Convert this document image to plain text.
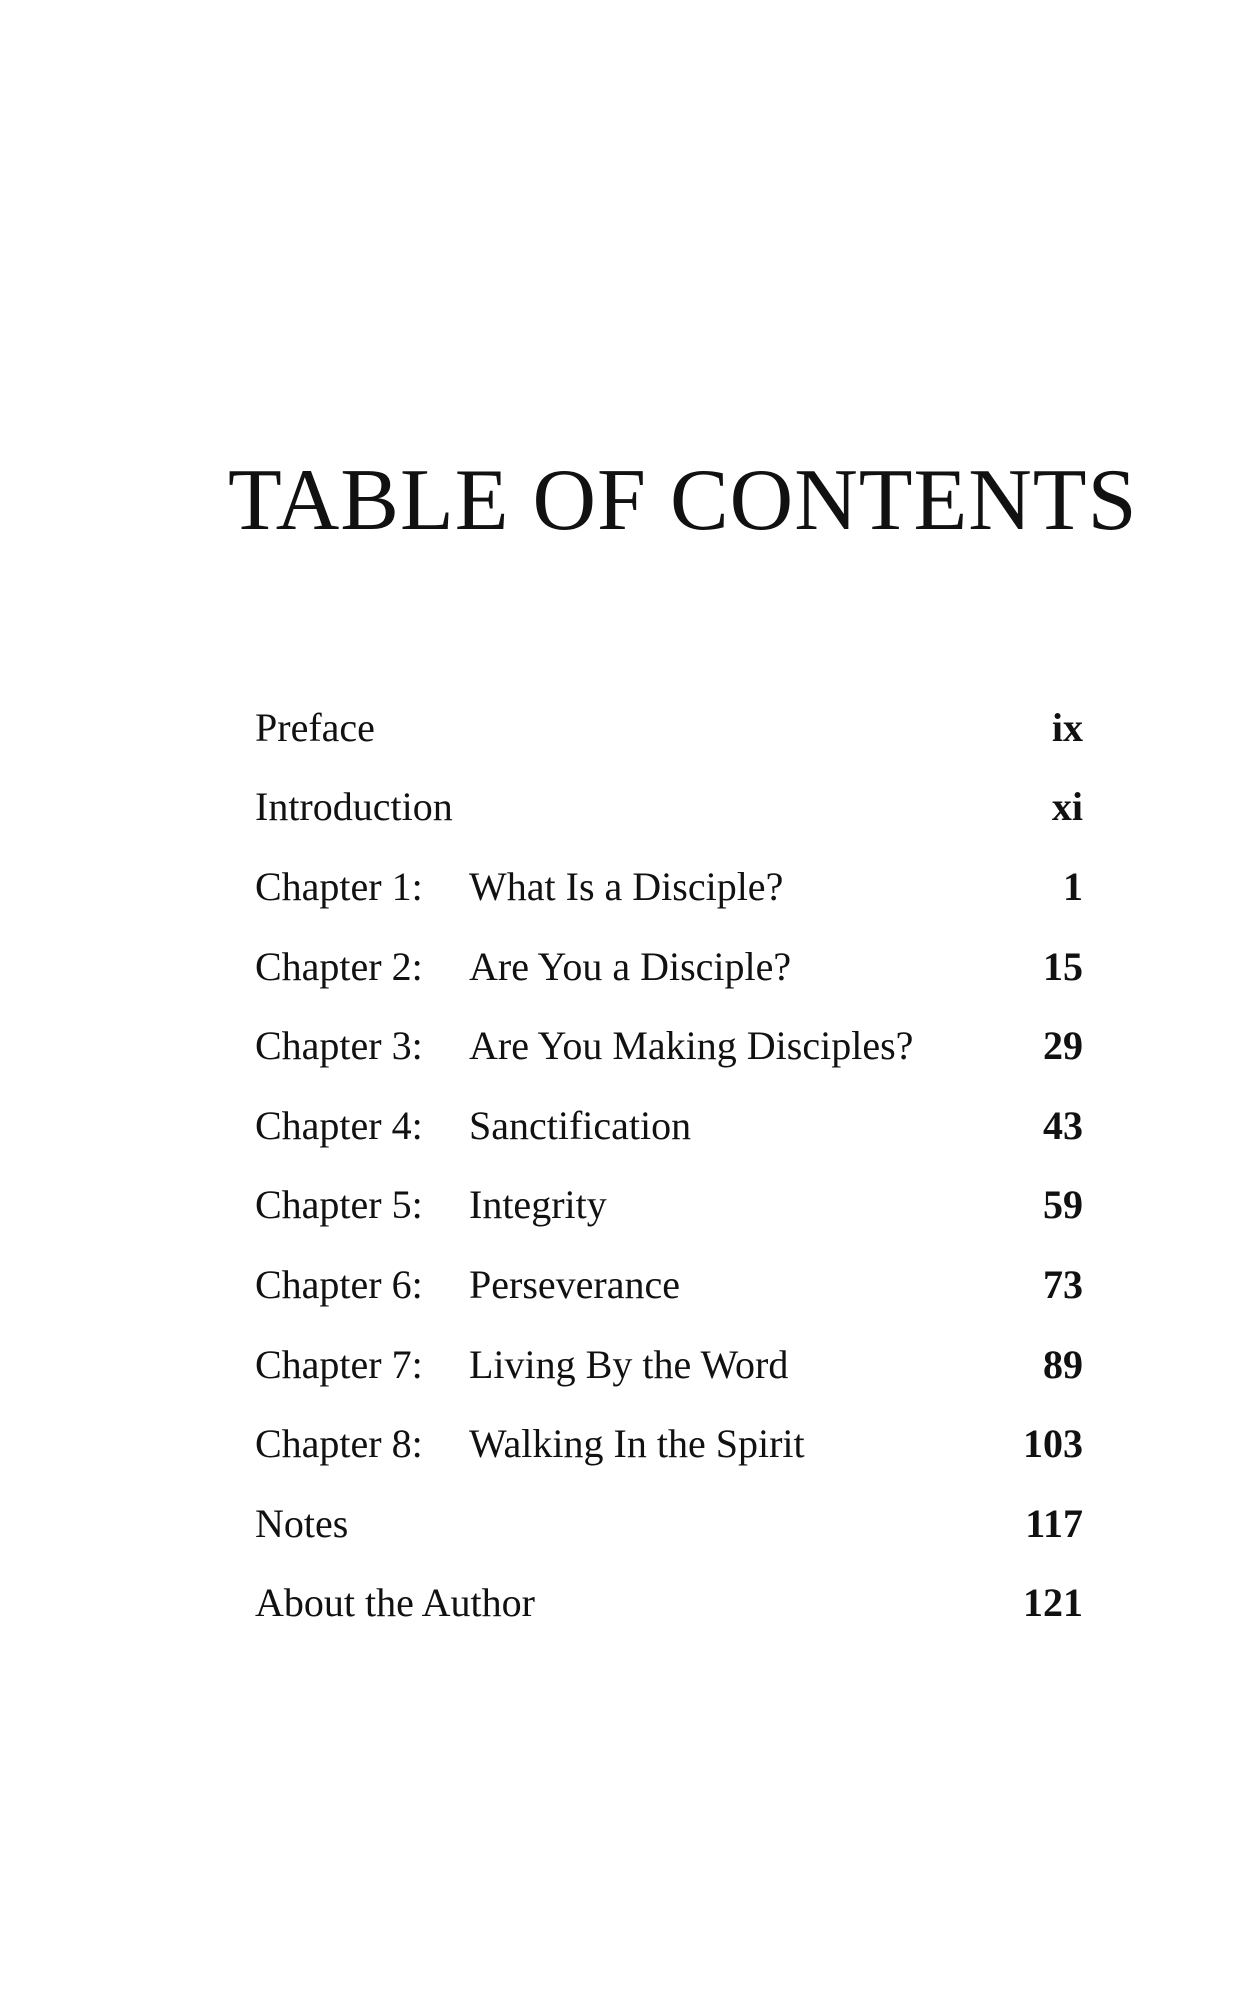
TABLE OF CONTENTS
Preface	ix
Introduction	xi
Chapter 1:	What Is a Disciple?	1
Chapter 2:	Are You a Disciple?	15
Chapter 3:	Are You Making Disciples?	29
Chapter 4:	Sanctification	43
Chapter 5:	Integrity	59
Chapter 6:	Perseverance	73
Chapter 7:	Living By the Word	89
Chapter 8:	Walking In the Spirit	103
Notes	117
About the Author	121
